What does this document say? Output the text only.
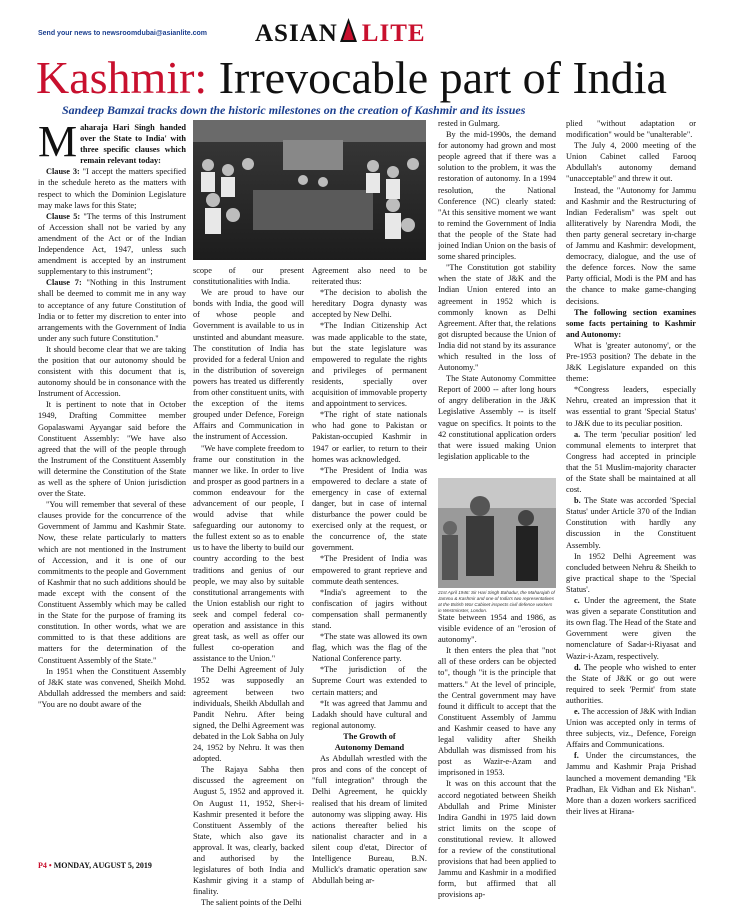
Send your news to newsroomdubai@asianlite.com ASIAN LITE
Kashmir: Irrevocable part of India
Sandeep Bamzai tracks down the historic milestones on the creation of Kashmir and its issues

Maharaja Hari Singh handed over the State to India' with three specific clauses which remain relevant today:

Clause 3: "I accept the matters specified in the schedule hereto as the matters with respect to which the Dominion Legislature may make laws for this State;

Clause 5: "The terms of this Instrument of Accession shall not be varied by any amendment of the Act or of the Indian Independence Act, 1947, unless such amendment is accepted by an instrument supplementary to this instrument";

Clause 7: "Nothing in this Instrument shall be deemed to commit me in any way to acceptance of any future Constitution of India or to fetter my discretion to enter into arrangements with the Government of India under any such future Constitution."

It should become clear that we are taking the position that our autonomy should be consistent with this document that is, autonomy should be in consonance with the Instrument of Accession.

It is pertinent to note that in October 1949, Drafting Committee member Gopalaswami Ayyangar said before the Constituent Assembly: "We have also agreed that the will of the people through the Instrument of the Constituent Assembly will determine the Constitution of the State as well as the sphere of Union jurisdiction over the State.

"You will remember that several of these clauses provide for the concurrence of the Government of Jammu and Kashmir State. Now, these relate particularly to matters which are not mentioned in the Instrument of Accession, and it is one of our commitments to the people and Government of Kashmir that no such additions should be made except with the consent of the Constituent Assembly which may be called in the State for the purpose of framing its constitution. In other words, what we are committed to is that these additions are matters for the determination of the Constituent Assembly of the State."

In 1951 when the Constituent Assembly of J&K state was convened, Sheikh Mohd. Abdullah addressed the members and said: "You are no doubt aware of the

scope of our present constitutionalities with India.

We are proud to have our bonds with India, the good will of whose people and Government is available to us in unstinted and abundant measure. The constitution of India has provided for a federal Union and in the distribution of sovereign powers has treated us differently from other constituent units, with the exception of the items grouped under Defence, Foreign Affairs and Communication in the instrument of Accession.

"We have complete freedom to frame our constitution in the manner we like. In order to live and prosper as good partners in a common endeavour for the advancement of our people, I would advise that while safeguarding our autonomy to the fullest extent so as to enable us to have the liberty to build our country according to the best traditions and genius of our people, we may also by suitable constitutional arrangements with the Union establish our right to seek and compel federal co-operation and assistance in this great task, as well as offer our fullest co-operation and assistance to the Union."

The Delhi Agreement of July 1952 was supposedly an agreement between two individuals, Sheikh Abdullah and Pandit Nehru. After being signed, the Delhi Agreement was debated in the Lok Sabha on July 24, 1952 by Nehru. It was then adopted.

The Rajaya Sabha then discussed the agreement on August 5, 1952 and approved it. On August 11, 1952, Sher-i-Kashmir presented it before the Constituent Assembly of the State, which also gave its approval. It was, clearly, backed and authorised by the legislatures of both India and Kashmir giving it a stamp of finality.

The salient points of the Delhi

Agreement also need to be reiterated thus:

*The decision to abolish the hereditary Dogra dynasty was accepted by New Delhi.

*The Indian Citizenship Act was made applicable to the state, but the state legislature was empowered to regulate the rights and privileges of permanent residents, specially over acquisition of immovable property and appointment to services.

*The right of state nationals who had gone to Pakistan or Pakistan-occupied Kashmir in 1947 or earlier, to return to their homes was acknowledged.

*The President of India was empowered to declare a state of emergency in case of external danger, but in case of internal disturbance the power could be exercised only at the request, or the concurrence of, the state government.

*The President of India was empowered to grant reprieve and commute death sentences.

*India's agreement to the confiscation of jagirs without compensation shall permanently stand.

*The state was allowed its own flag, which was the flag of the National Conference party.

*The jurisdiction of the Supreme Court was extended to certain matters; and

*It was agreed that Jammu and Ladakh should have cultural and regional autonomy.

The Growth of

Autonomy Demand

As Abdullah wrestled with the pros and cons of the concept of "full integration" through the Delhi Agreement, he quickly realised that his dream of limited autonomy was slipping away. His actions thereafter belied his nationalist character and in a silent coup d'etat, Director of Intelligence Bureau, B.N. Mullick's dramatic operation saw Abdullah being ar-

rested in Gulmarg.

By the mid-1990s, the demand for autonomy had grown and most people agreed that if there was a solution to the problem, it was the restoration of autonomy. In a 1994 resolution, the National Conference (NC) clearly stated: "At this sensitive moment we want to remind the Government of India that the people of the State had joined Indian Union on the basis of some shared principles.

"The Constitution got stability when the state of J&K and the Indian Union entered into an agreement in 1952 which is commonly known as Delhi Agreement. After that, the relations got disrupted because the Union of India did not stand by its assurance which resulted in the loss of Autonomy."

The State Autonomy Committee Report of 2000 -- after long hours of angry deliberation in the J&K Legislative Assembly -- is itself vague on specifics. It points to the 42 constitutional application orders that were issued making Union legislation applicable to the

21st April 1946: Sir Hari Singh Bahadur, the Maharajah of Jammu & Kashmir and one of India's two representatives at the British War Cabinet inspects civil defence workers in Westminster, London.

State between 1954 and 1986, as visible evidence of an "erosion of autonomy".

It then enters the plea that "not all of these orders can be objected to", though "it is the principle that matters." At the level of principle, the Central government may have found it difficult to accept that the Constituent Assembly of Jammu and Kashmir ceased to have any legal validity after Sheikh Abdullah was dismissed from his post as Wazir-e-Azam and imprisoned in 1953.

It was on this account that the accord negotiated between Sheikh Abdullah and Prime Minister Indira Gandhi in 1975 laid down strict limits on the scope of constitutional review. It allowed for a review of the constitutional provisions that had been applied to Jammu and Kashmir in a modified form, but affirmed that all provisions ap-

plied "without adaptation or modification" would be "unalterable".

The July 4, 2000 meeting of the Union Cabinet called Farooq Abdullah's autonomy demand "unacceptable" and threw it out.

Instead, the "Autonomy for Jammu and Kashmir and the Restructuring of Indian Federalism" was spelt out alliteratively by Narendra Modi, the then party general secretary in-charge of Jammu and Kashmir: development, democracy, dialogue, and the use of the defence forces. Now the same Party official, Modi is the PM and has the chance to make game-changing decisions.

The following section examines some facts pertaining to Kashmir and Autonomy:

What is 'greater autonomy', or the Pre-1953 position? The debate in the J&K Legislature expanded on this theme:

*Congress leaders, especially Nehru, created an impression that it was essential to grant 'Special Status' to J&K due to its peculiar position.

a. The term 'peculiar position' led communal elements to interpret that Congress had accepted in principle that the 51 Muslim-majority character of the State shall be maintained at all cost.

b. The State was accorded 'Special Status' under Article 370 of the Indian Constitution with hardly any discussion in the Constituent Assembly.

In 1952 Delhi Agreement was concluded between Nehru & Sheikh to give practical shape to the 'Special Status'.

c. Under the agreement, the State was given a separate Constitution and its own flag. The Head of the State and Government were given the nomenclature of Sadar-i-Riyasat and Wazir-i-Azam, respectively.

d. The people who wished to enter the State of J&K or go out were required to seek 'Permit' from state authorities.

e. The accession of J&K with Indian Union was accepted only in terms of three subjects, viz., Defence, Foreign Affairs and Communications.

f. Under the circumstances, the Jammu and Kashmir Praja Prishad launched a movement demanding "Ek Pradhan, Ek Vidhan and Ek Nishan". More than a dozen workers sacrificed their lives at Hirana-

P4 • MONDAY, AUGUST 5, 2019
